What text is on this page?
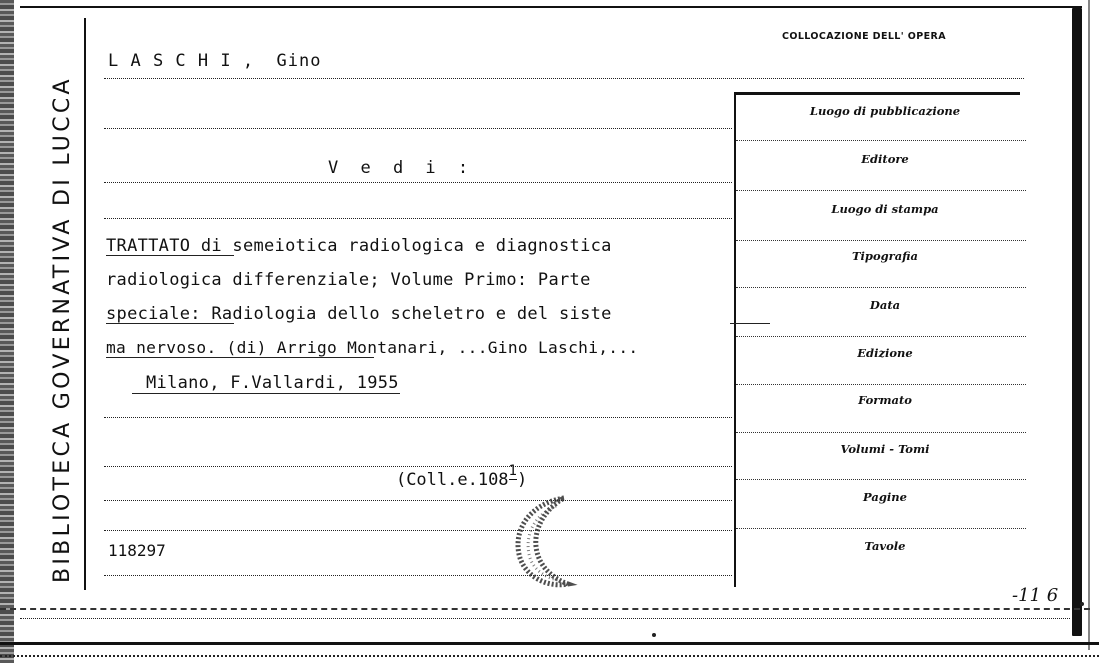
BIBLIOTECA GOVERNATIVA DI LUCCA
COLLOCAZIONE DELL' OPERA
Luogo di pubblicazione
Editore
Luogo di stampa
Tipografia
Data
Edizione
Formato
Volumi - Tomi
Pagine
Tavole
L A S C H I ,  Gino
V e d i :
TRATTATO di semeiotica radiologica e diagnostica
radiologica differenziale; Volume Primo: Parte
speciale: Radiologia dello scheletro e del siste
ma nervoso. (di) Arrigo Montanari, ...Gino Laschi,...
Milano, F.Vallardi, 1955

(Coll.e.108$^1$)

118297
-11 6
